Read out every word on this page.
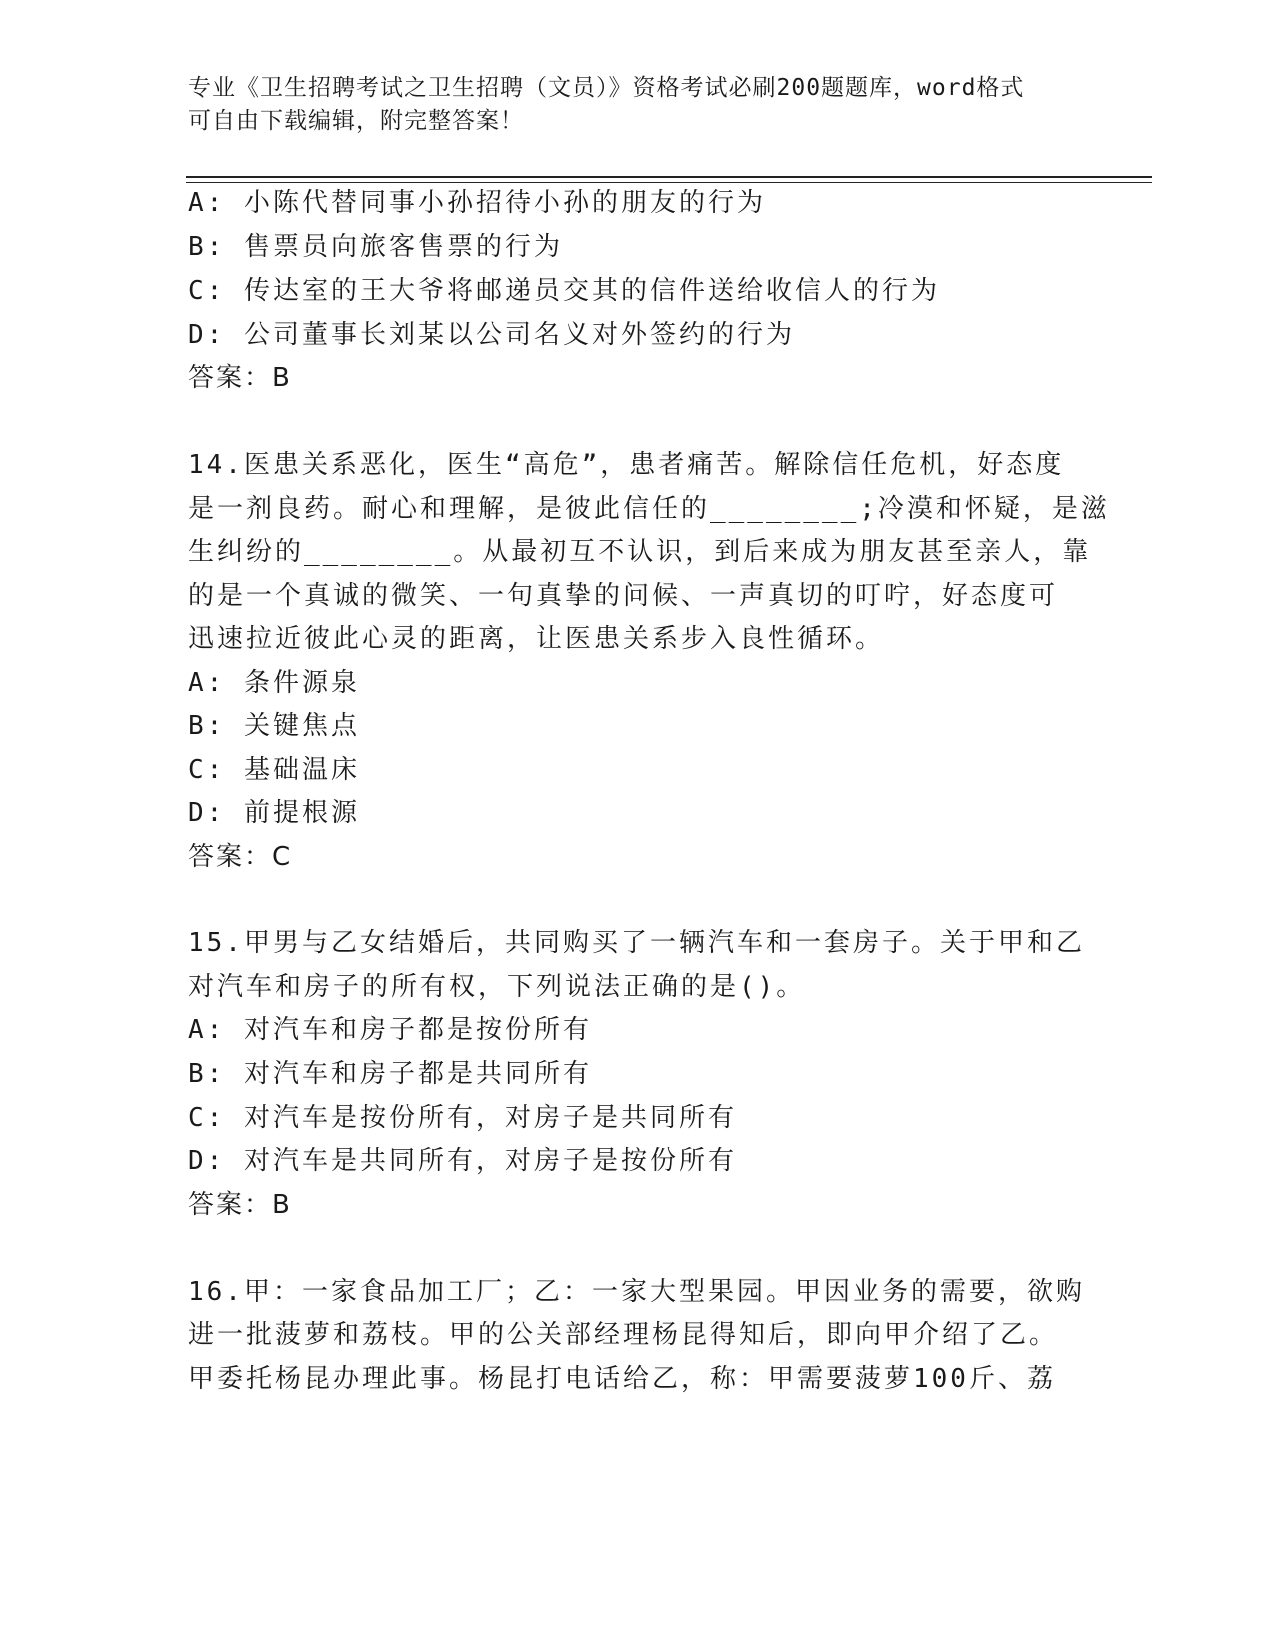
专业《卫生招聘考试之卫生招聘（文员）》资格考试必刷200题题库，word格式
可自由下载编辑，附完整答案！
A: 小陈代替同事小孙招待小孙的朋友的行为
B: 售票员向旅客售票的行为
C: 传达室的王大爷将邮递员交其的信件送给收信人的行为
D: 公司董事长刘某以公司名义对外签约的行为
答案：B
14.医患关系恶化，医生“高危”，患者痛苦。解除信任危机，好态度
是一剂良药。耐心和理解，是彼此信任的________;冷漠和怀疑，是滋
生纠纷的________。从最初互不认识，到后来成为朋友甚至亲人，靠
的是一个真诚的微笑、一句真挚的问候、一声真切的叮咛，好态度可
迅速拉近彼此心灵的距离，让医患关系步入良性循环。
A: 条件源泉
B: 关键焦点
C: 基础温床
D: 前提根源
答案：C
15.甲男与乙女结婚后，共同购买了一辆汽车和一套房子。关于甲和乙
对汽车和房子的所有权，下列说法正确的是()。
A: 对汽车和房子都是按份所有
B: 对汽车和房子都是共同所有
C: 对汽车是按份所有，对房子是共同所有
D: 对汽车是共同所有，对房子是按份所有
答案：B
16.甲：一家食品加工厂；乙：一家大型果园。甲因业务的需要，欲购
进一批菠萝和荔枝。甲的公关部经理杨昆得知后，即向甲介绍了乙。
甲委托杨昆办理此事。杨昆打电话给乙，称：甲需要菠萝100斤、荔
